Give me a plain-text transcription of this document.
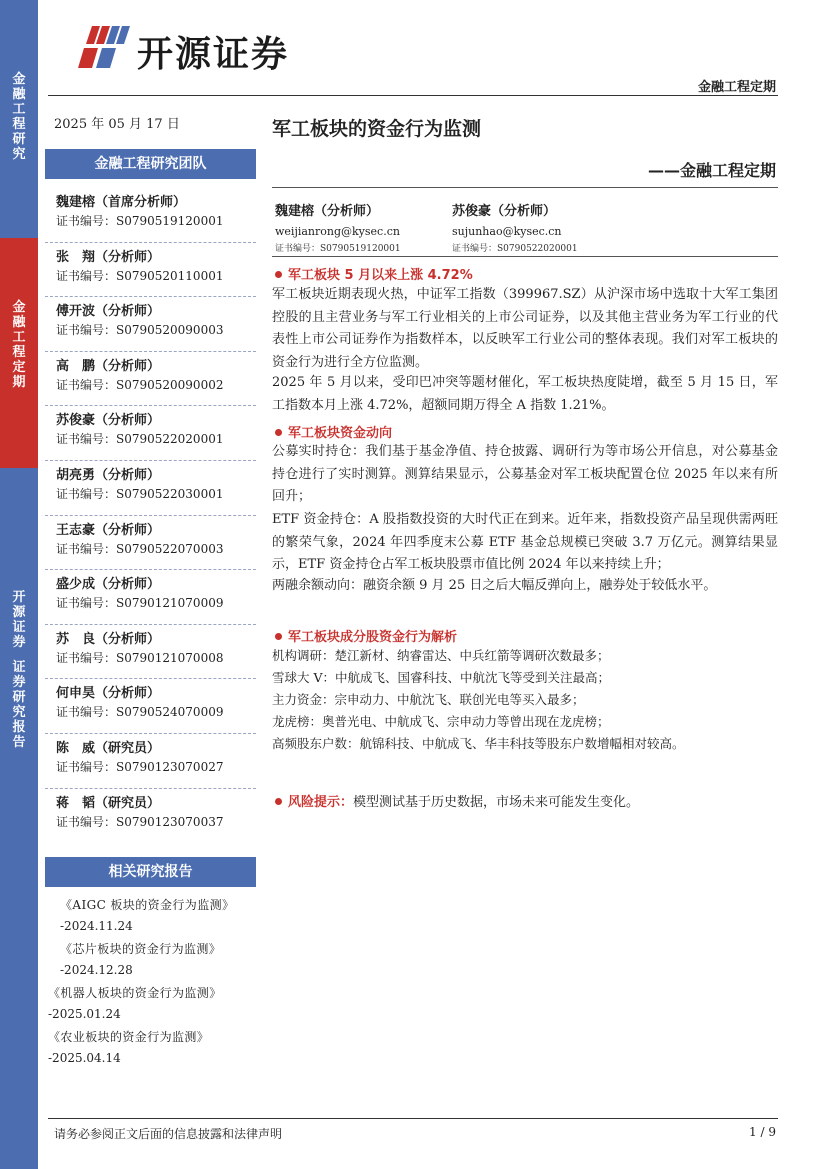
金
融
工
程
研
究
金
融
工
程
定
期
开
源
证
券
证
券
研
究
报
告
开源证券
金融工程定期
2025 年 05 月 17 日
金融工程研究团队
魏建榕（首席分析师）
证书编号：S0790519120001
张　翔（分析师）
证书编号：S0790520110001
傅开波（分析师）
证书编号：S0790520090003
高　鹏（分析师）
证书编号：S0790520090002
苏俊豪（分析师）
证书编号：S0790522020001
胡亮勇（分析师）
证书编号：S0790522030001
王志豪（分析师）
证书编号：S0790522070003
盛少成（分析师）
证书编号：S0790121070009
苏　良（分析师）
证书编号：S0790121070008
何申昊（分析师）
证书编号：S0790524070009
陈　威（研究员）
证书编号：S0790123070027
蒋　韬（研究员）
证书编号：S0790123070037
相关研究报告
《AIGC 板块的资金行为监测》
-2024.11.24
《芯片板块的资金行为监测》
-2024.12.28
《机器人板块的资金行为监测》
-2025.01.24
《农业板块的资金行为监测》
-2025.04.14
军工板块的资金行为监测
——金融工程定期
魏建榕（分析师）
weijianrong@kysec.cn
证书编号：S0790519120001
苏俊豪（分析师）
sujunhao@kysec.cn
证书编号：S0790522020001
军工板块 5 月以来上涨 4.72%
军工板块近期表现火热，中证军工指数（399967.SZ）从沪深市场中选取十大军工集团控股的且主营业务与军工行业相关的上市公司证券，以及其他主营业务为军工行业的代表性上市公司证券作为指数样本，以反映军工行业公司的整体表现。我们对军工板块的资金行为进行全方位监测。
2025 年 5 月以来，受印巴冲突等题材催化，军工板块热度陡增，截至 5 月 15 日，军工指数本月上涨 4.72%，超额同期万得全 A 指数 1.21%。
军工板块资金动向
公募实时持仓：我们基于基金净值、持仓披露、调研行为等市场公开信息，对公募基金持仓进行了实时测算。测算结果显示，公募基金对军工板块配置仓位 2025 年以来有所回升；
ETF 资金持仓：A 股指数投资的大时代正在到来。近年来，指数投资产品呈现供需两旺的繁荣气象，2024 年四季度末公募 ETF 基金总规模已突破 3.7 万亿元。测算结果显示，ETF 资金持仓占军工板块股票市值比例 2024 年以来持续上升；
两融余额动向：融资余额 9 月 25 日之后大幅反弹向上，融券处于较低水平。
军工板块成分股资金行为解析
机构调研：楚江新材、纳睿雷达、中兵红箭等调研次数最多；
雪球大 V：中航成飞、国睿科技、中航沈飞等受到关注最高；
主力资金：宗申动力、中航沈飞、联创光电等买入最多；
龙虎榜：奥普光电、中航成飞、宗申动力等曾出现在龙虎榜；
高频股东户数：航锦科技、中航成飞、华丰科技等股东户数增幅相对较高。
风险提示：模型测试基于历史数据，市场未来可能发生变化。
请务必参阅正文后面的信息披露和法律声明	1 / 9
